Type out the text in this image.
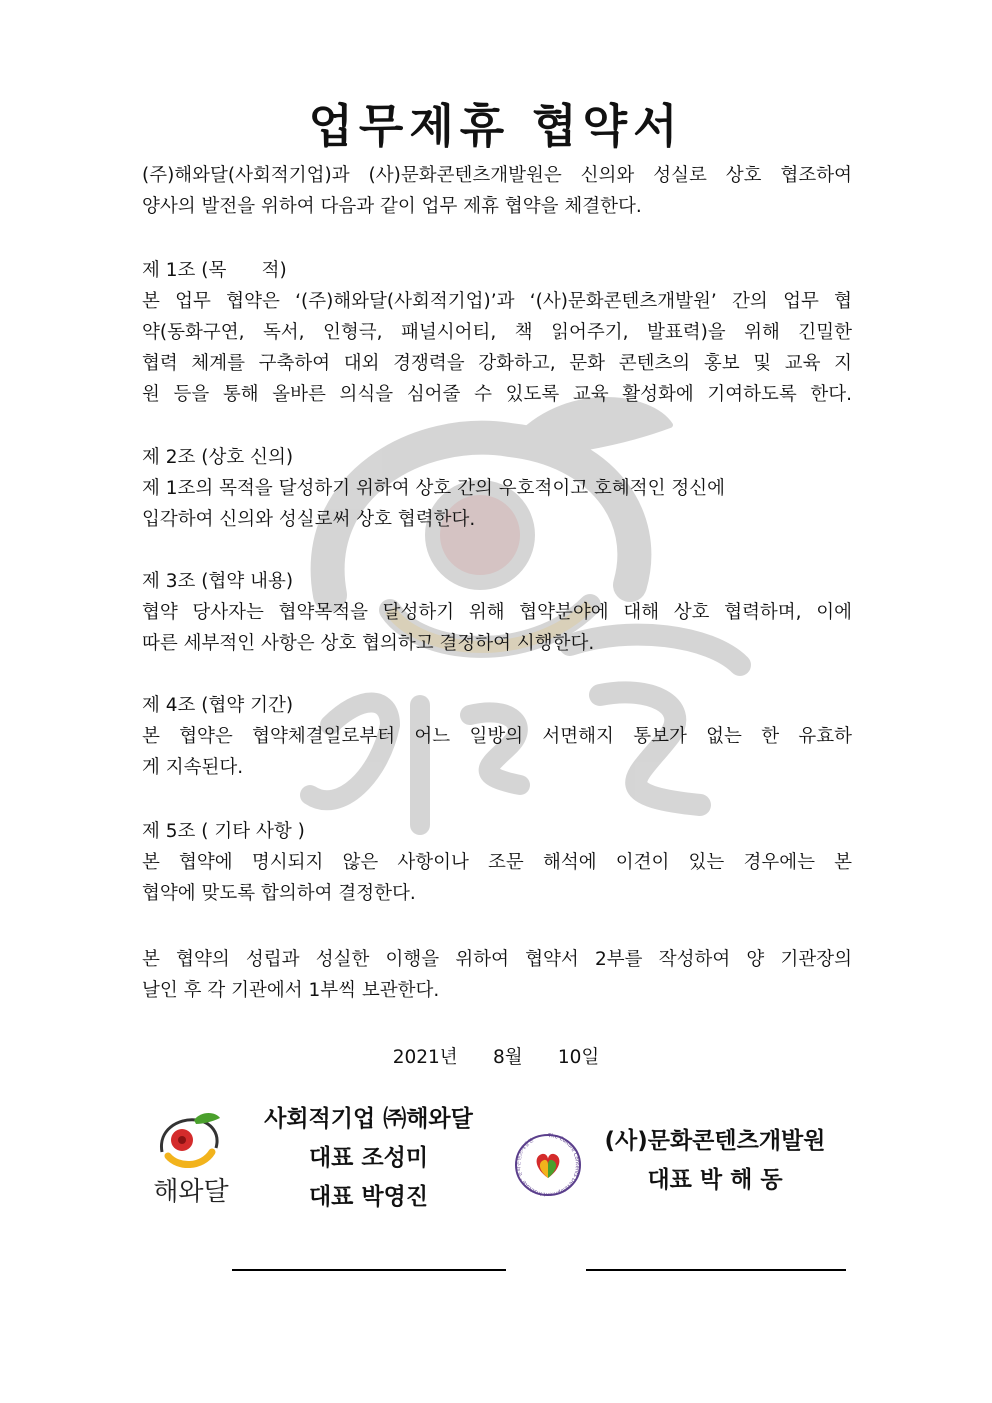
업무제휴 협약서
(주)해와달(사회적기업)과 (사)문화콘텐츠개발원은 신의와 성실로 상호 협조하여
양사의 발전을 위하여 다음과 같이 업무 제휴 협약을 체결한다.
제 1조 (목      적)
본 업무 협약은 ‘(주)해와달(사회적기업)’과 ‘(사)문화콘텐츠개발원’ 간의 업무 협
약(동화구연, 독서, 인형극, 패널시어티, 책 읽어주기, 발표력)을 위해 긴밀한
협력 체계를 구축하여 대외 경쟁력을 강화하고, 문화 콘텐츠의 홍보 및 교육 지
원 등을 통해 올바른 의식을 심어줄 수 있도록 교육 활성화에 기여하도록 한다.
제 2조 (상호 신의)
제 1조의 목적을 달성하기 위하여 상호 간의 우호적이고 호혜적인 정신에
입각하여 신의와 성실로써 상호 협력한다.
제 3조 (협약 내용)
협약 당사자는 협약목적을 달성하기 위해 협약분야에 대해 상호 협력하며, 이에
따른 세부적인 사항은 상호 협의하고 결정하여 시행한다.
제 4조 (협약 기간)
본 협약은 협약체결일로부터 어느 일방의 서면해지 통보가 없는 한 유효하
게 지속된다.
제 5조 ( 기타 사항 )
본 협약에 명시되지 않은 사항이나 조문 해석에 이견이 있는 경우에는 본
협약에 맞도록 합의하여 결정한다.
본 협약의 성립과 성실한 이행을 위하여 협약서 2부를 작성하여 양 기관장의
날인 후 각 기관에서 1부씩 보관한다.
2021년 8월 10일
해와달
사회적기업 ㈜해와달
대표 조성미
대표 박영진
The Culture Contents Development Institute · 문화콘텐츠개발원	(사)문화콘텐츠개발원
대표 박 해 동
